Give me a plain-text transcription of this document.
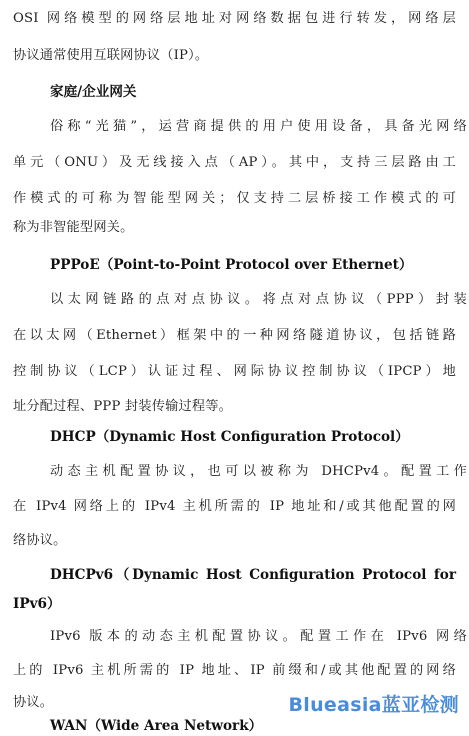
OSI 网络模型的网络层地址对网络数据包进行转发，网络层
协议通常使用互联网协议（IP）。
家庭/企业网关
俗称“光猫”，运营商提供的用户使用设备，具备光网络
单元（ONU）及无线接入点（AP）。其中，支持三层路由工
作模式的可称为智能型网关；仅支持二层桥接工作模式的可
称为非智能型网关。
PPPoE（Point-to-Point Protocol over Ethernet）
以太网链路的点对点协议。将点对点协议（PPP）封装
在以太网（Ethernet）框架中的一种网络隧道协议，包括链路
控制协议（LCP）认证过程、网际协议控制协议（IPCP）地
址分配过程、PPP 封装传输过程等。
DHCP（Dynamic Host Configuration Protocol）
动态主机配置协议，也可以被称为 DHCPv4。配置工作
在 IPv4 网络上的 IPv4 主机所需的 IP 地址和/或其他配置的网
络协议。
DHCPv6（Dynamic Host Configuration Protocol for
IPv6）
IPv6 版本的动态主机配置协议。配置工作在 IPv6 网络
上的 IPv6 主机所需的 IP 地址、IP 前缀和/或其他配置的网络
协议。
WAN（Wide Area Network）
Blueasia蓝亚检测
